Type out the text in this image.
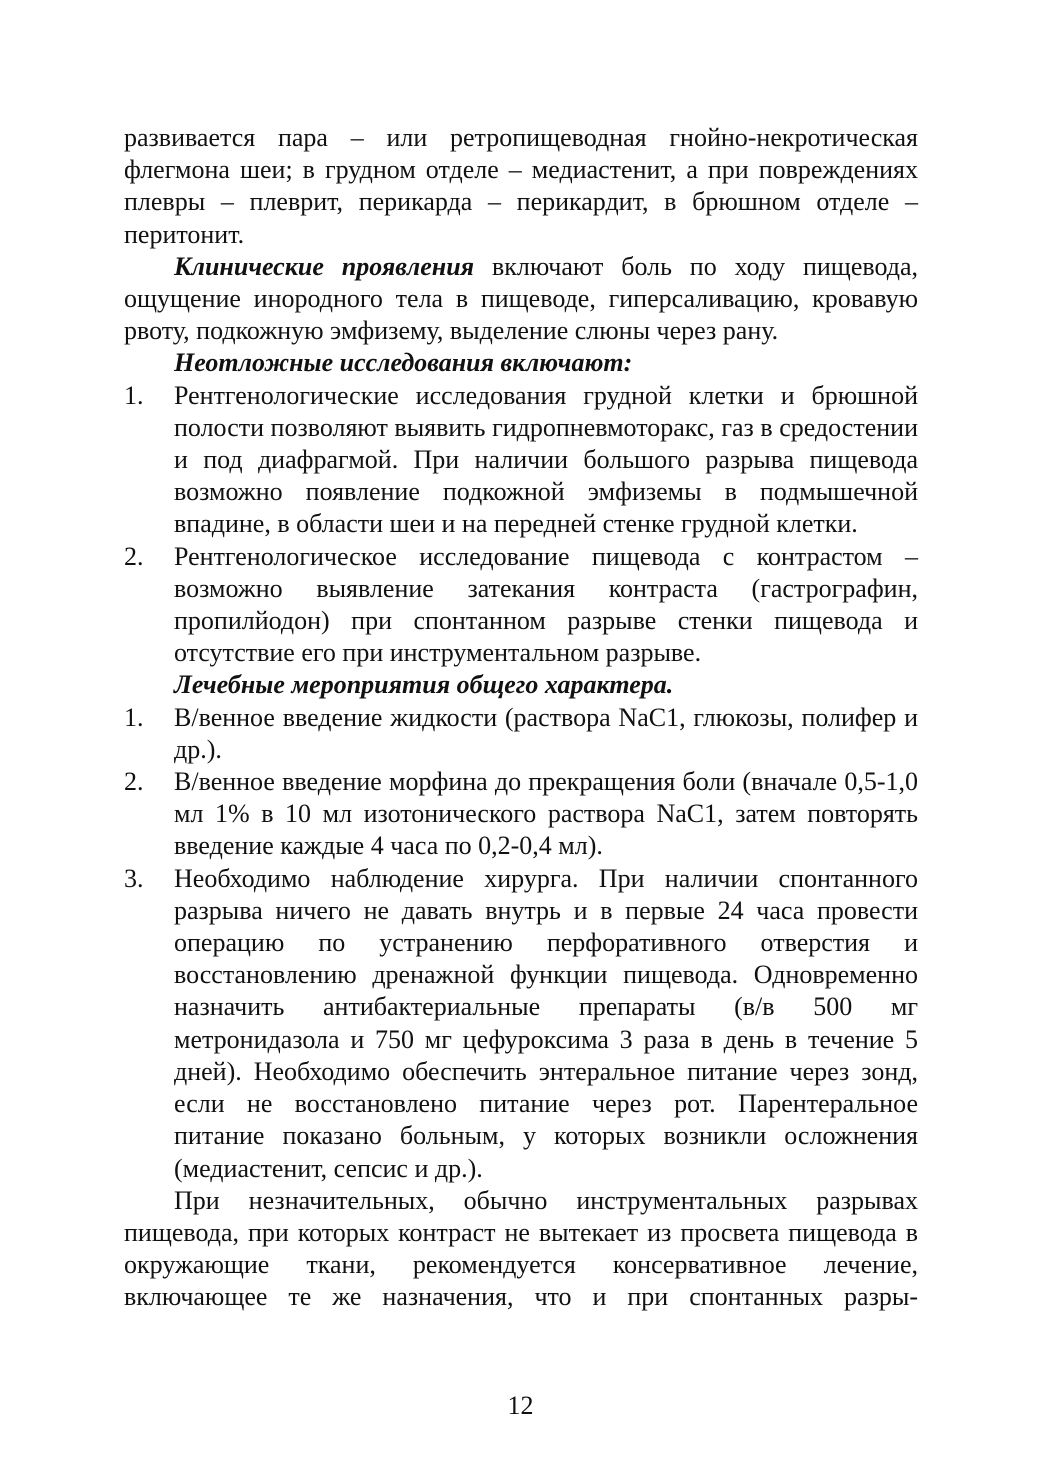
развивается пара – или ретропищеводная гнойно-некротическая флегмона шеи; в грудном отделе – медиастенит, а при повреждениях плевры – плеврит, перикарда – перикардит, в брюшном отделе – перитонит.

Клинические проявления включают боль по ходу пищевода, ощущение инородного тела в пищеводе, гиперсаливацию, кровавую рвоту, подкожную эмфизему, выделение слюны через рану.

Неотложные исследования включают:

1. Рентгенологические исследования грудной клетки и брюшной полости позволяют выявить гидропневмоторакс, газ в средостении и под диафрагмой. При наличии большого разрыва пищевода возможно появление подкожной эмфиземы в подмышечной впадине, в области шеи и на передней стенке грудной клетки.
2. Рентгенологическое исследование пищевода с контрастом – возможно выявление затекания контраста (гастрографин, пропилйодон) при спонтанном разрыве стенки пищевода и отсутствие его при инструментальном разрыве.

Лечебные мероприятия общего характера.

1. В/венное введение жидкости (раствора NaC1, глюкозы, полифер и др.).
2. В/венное введение морфина до прекращения боли (вначале 0,5-1,0 мл 1% в 10 мл изотонического раствора NaC1, затем повторять введение каждые 4 часа по 0,2-0,4 мл).
3. Необходимо наблюдение хирурга. При наличии спонтанного разрыва ничего не давать внутрь и в первые 24 часа провести операцию по устранению перфоративного отверстия и восстановлению дренажной функции пищевода. Одновременно назначить антибактериальные препараты (в/в 500 мг метронидазола и 750 мг цефуроксима 3 раза в день в течение 5 дней). Необходимо обеспечить энтеральное питание через зонд, если не восстановлено питание через рот. Парентеральное питание показано больным, у которых возникли осложнения (медиастенит, сепсис и др.).

При незначительных, обычно инструментальных разрывах пищевода, при которых контраст не вытекает из просвета пищевода в окружающие ткани, рекомендуется консервативное лечение, включающее те же назначения, что и при спонтанных разры-

12
